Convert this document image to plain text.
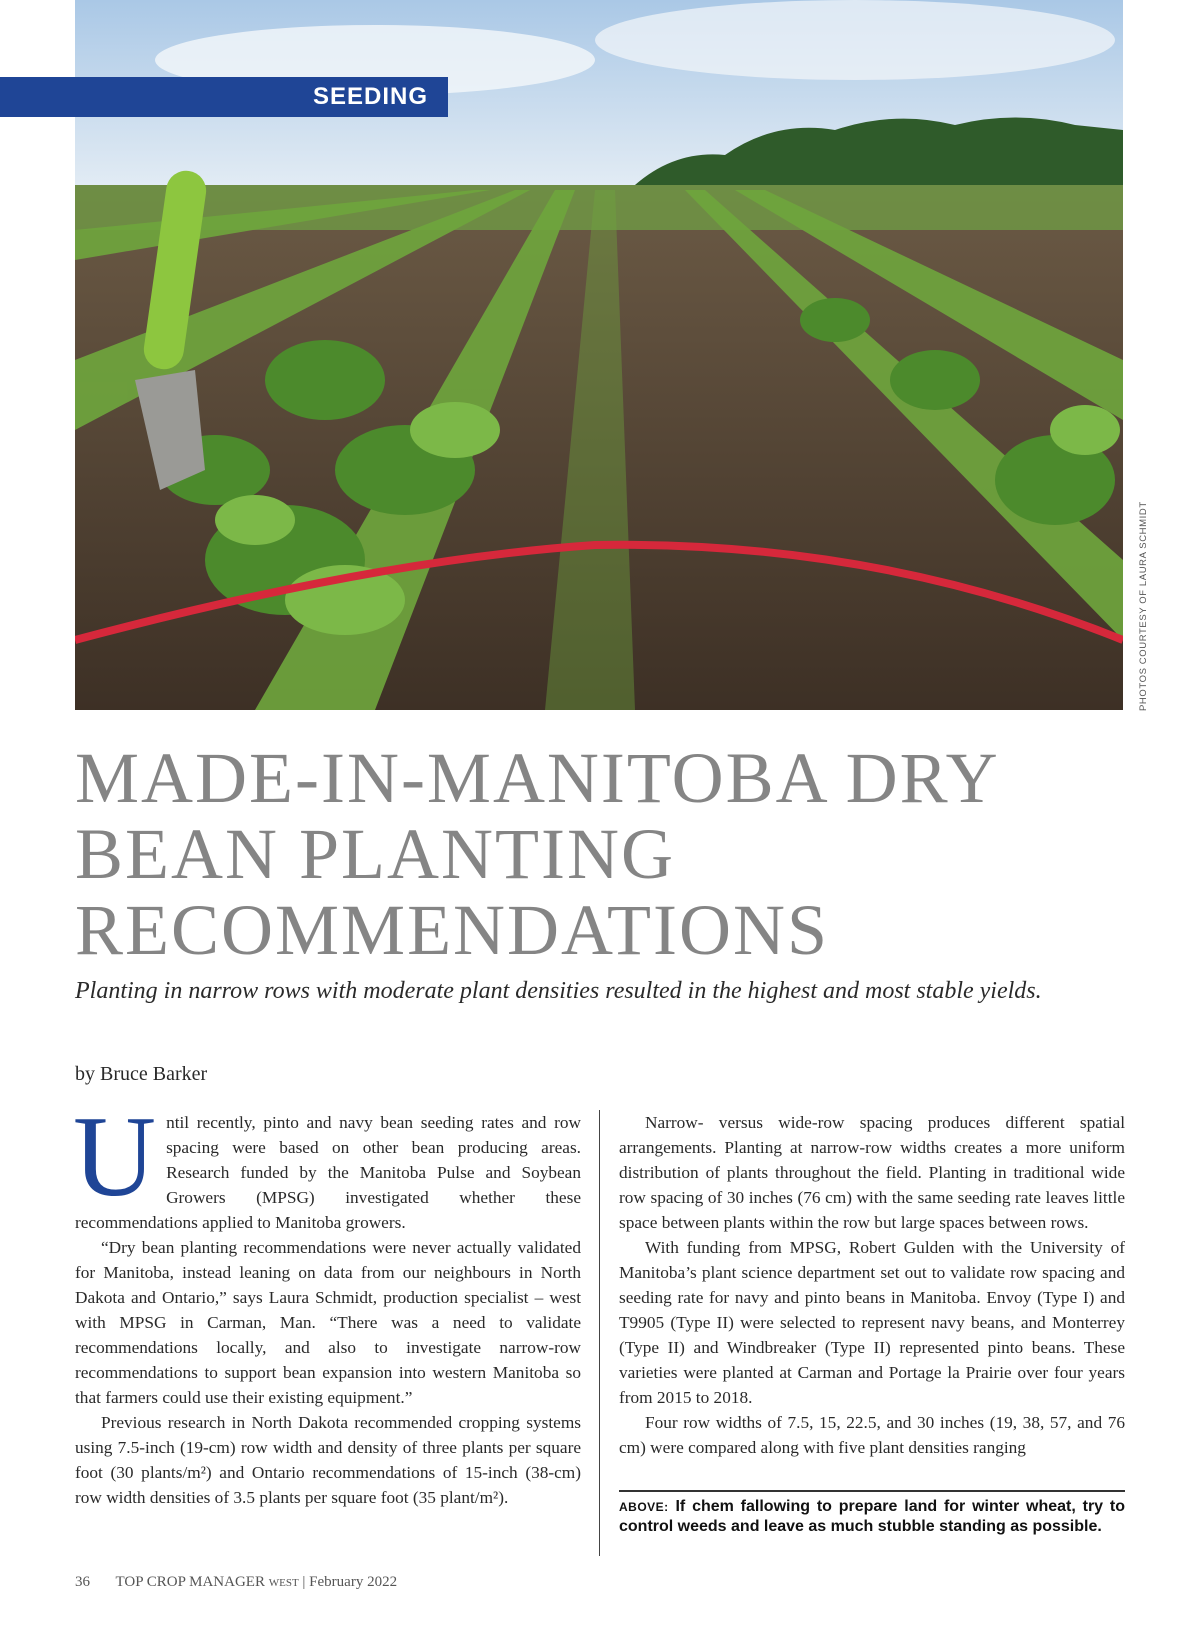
SEEDING
PHOTOS COURTESY OF LAURA SCHMIDT
MADE-IN-MANITOBA DRY
BEAN PLANTING
RECOMMENDATIONS
Planting in narrow rows with moderate plant densities resulted in the highest and most stable yields.
by Bruce Barker
U ntil recently, pinto and navy bean seeding rates and row spacing were based on other bean producing areas. Research funded by the Manitoba Pulse and Soybean Growers (MPSG) investigated whether these recommendations applied to Manitoba growers.

“Dry bean planting recommendations were never actually validated for Manitoba, instead leaning on data from our neighbours in North Dakota and Ontario,” says Laura Schmidt, production specialist – west with MPSG in Carman, Man. “There was a need to validate recommendations locally, and also to investigate narrow-row recommendations to support bean expansion into western Manitoba so that farmers could use their existing equipment.”

Previous research in North Dakota recommended cropping systems using 7.5-inch (19-cm) row width and density of three plants per square foot (30 plants/m²) and Ontario recommendations of 15-inch (38-cm) row width densities of 3.5 plants per square foot (35 plant/m²).

Narrow- versus wide-row spacing produces different spatial arrangements. Planting at narrow-row widths creates a more uniform distribution of plants throughout the field. Planting in traditional wide row spacing of 30 inches (76 cm) with the same seeding rate leaves little space between plants within the row but large spaces between rows.

With funding from MPSG, Robert Gulden with the University of Manitoba’s plant science department set out to validate row spacing and seeding rate for navy and pinto beans in Manitoba. Envoy (Type I) and T9905 (Type II) were selected to represent navy beans, and Monterrey (Type II) and Windbreaker (Type II) represented pinto beans. These varieties were planted at Carman and Portage la Prairie over four years from 2015 to 2018.

Four row widths of 7.5, 15, 22.5, and 30 inches (19, 38, 57, and 76 cm) were compared along with five plant densities ranging

ABOVE: If chem fallowing to prepare land for winter wheat, try to control weeds and leave as much stubble standing as possible.
36 TOP CROP MANAGER WEST | February 2022
